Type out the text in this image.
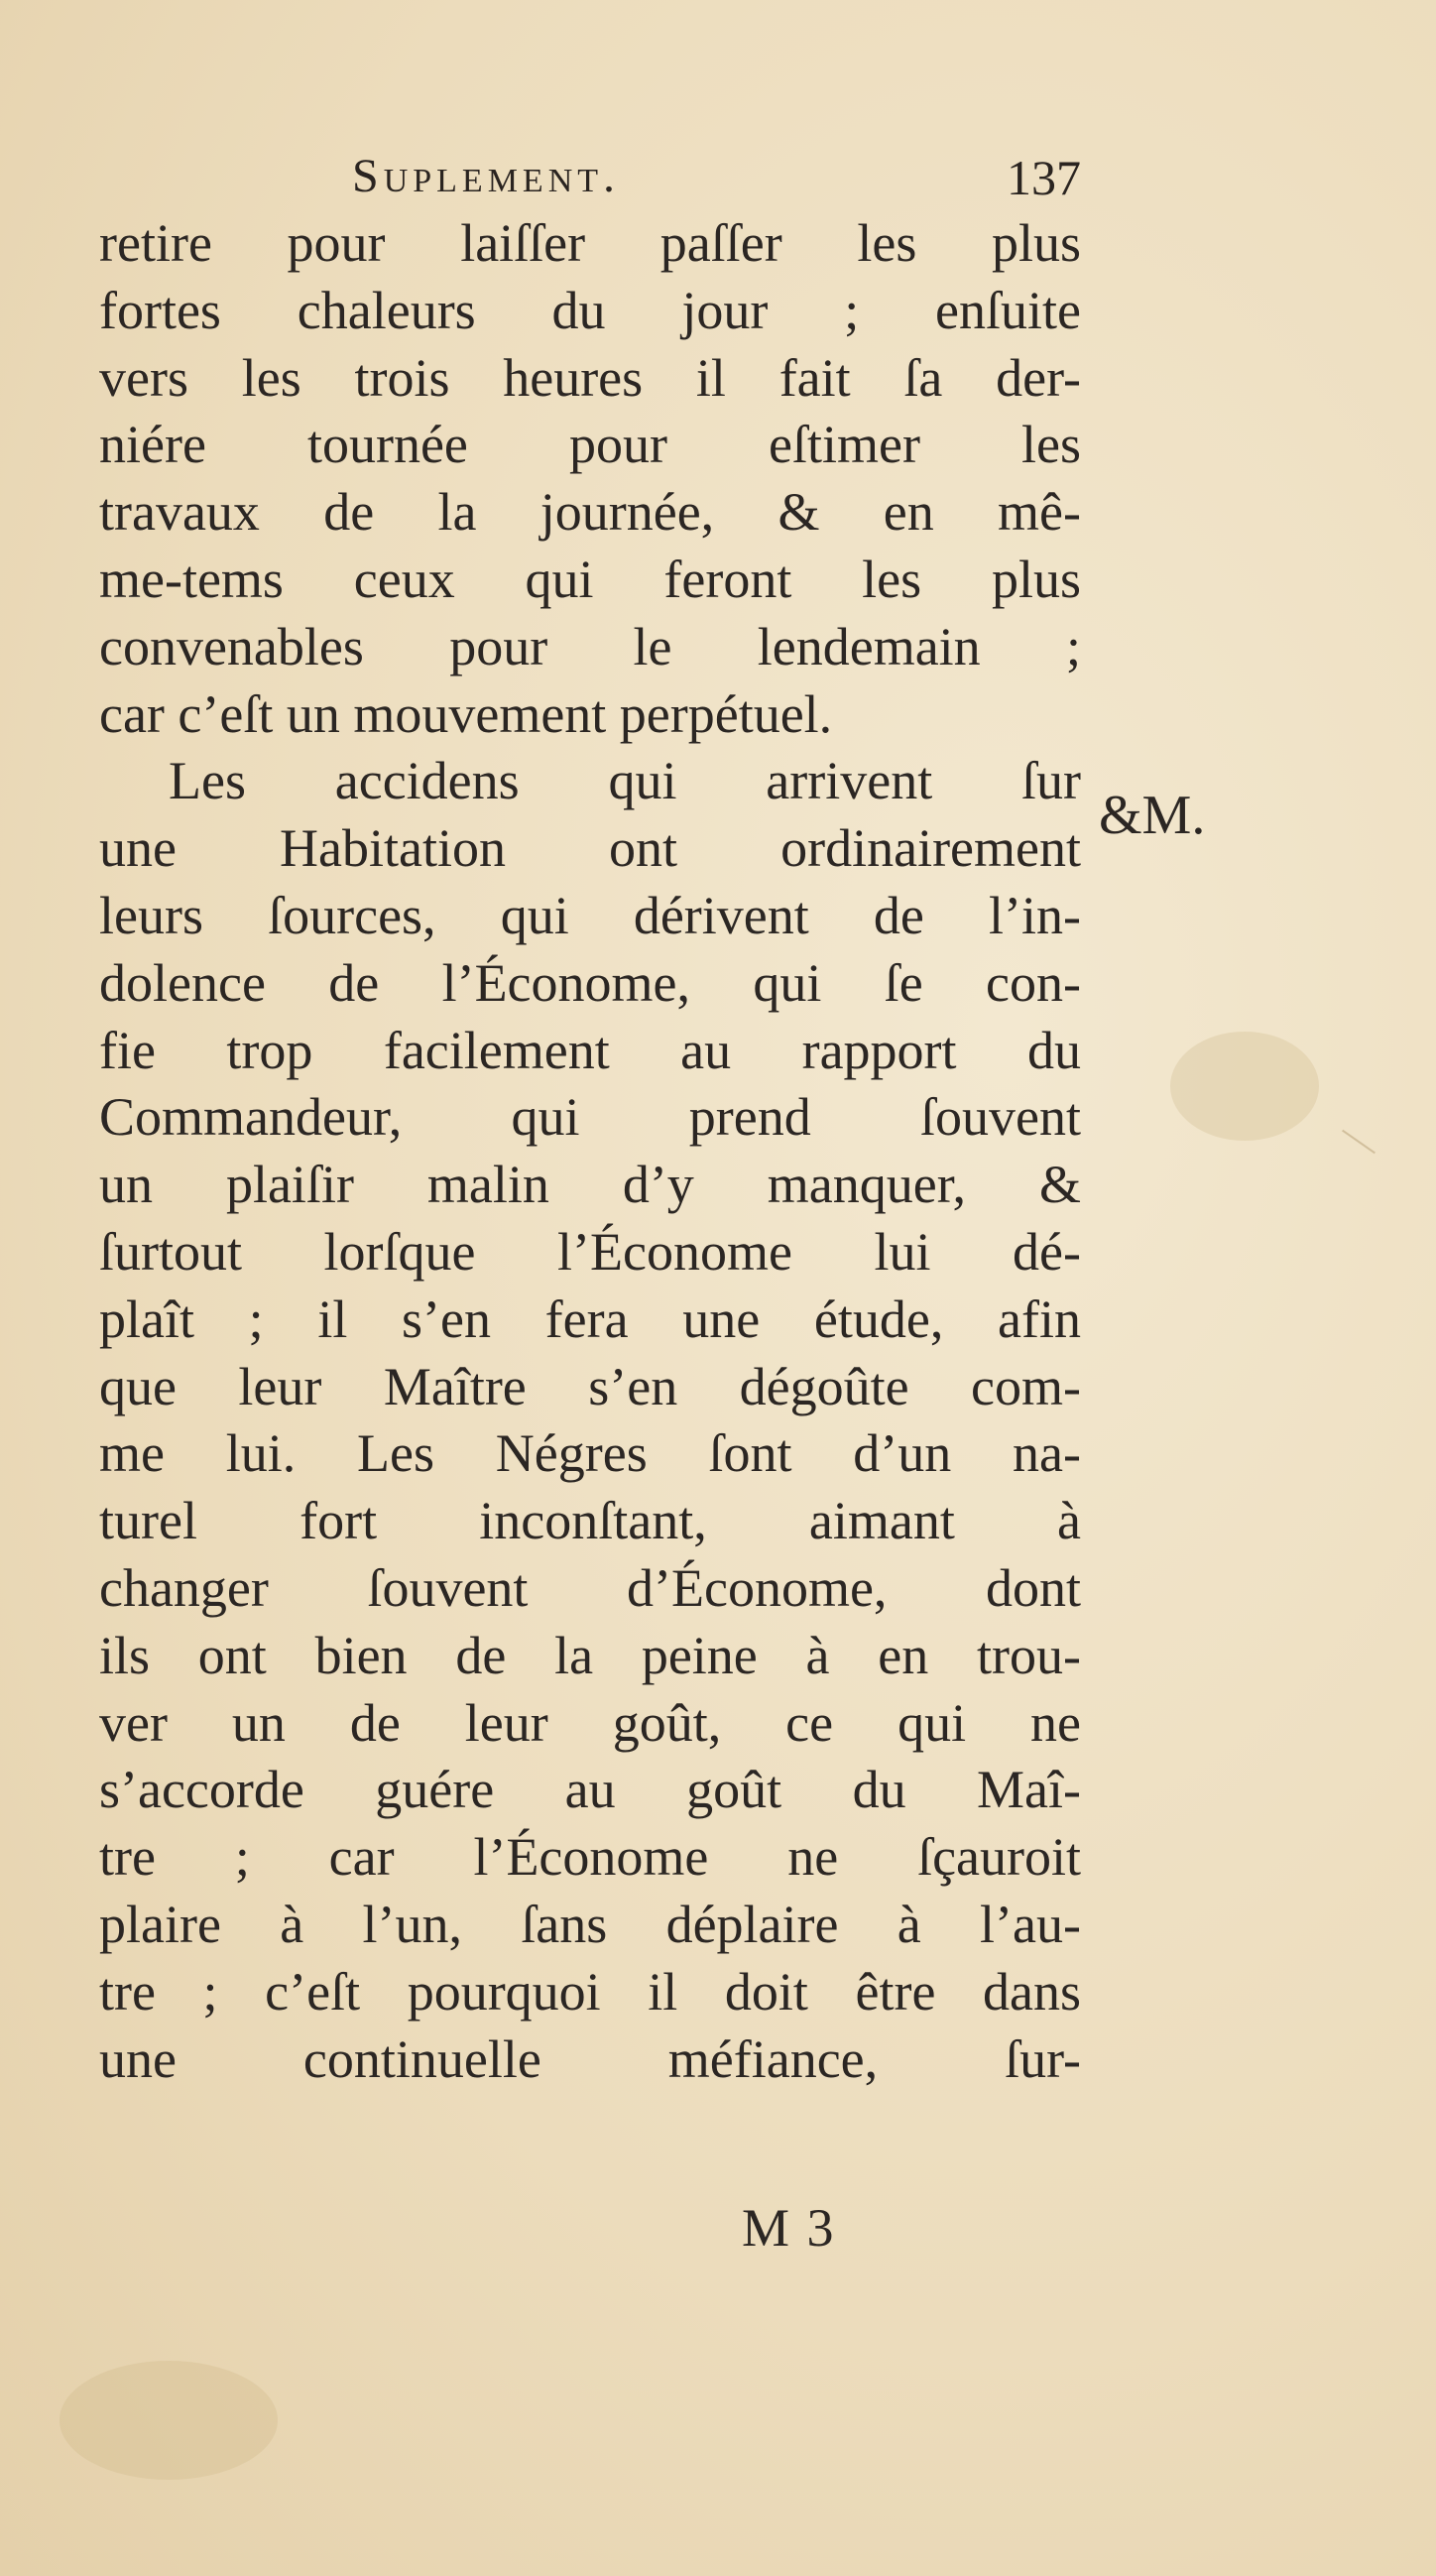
Suplement.	137
retire pour laiſſer paſſer les plus
fortes chaleurs du jour ; enſuite
vers les trois heures il fait ſa der-
niére tournée pour eſtimer les
travaux de la journée, & en mê-
me-tems ceux qui feront les plus
convenables pour le lendemain ;
car c’eſt un mouvement perpétuel.
Les accidens qui arrivent ſur
une Habitation ont ordinairement
leurs ſources, qui dérivent de l’in-
dolence de l’Économe, qui ſe con-
fie trop facilement au rapport du
Commandeur, qui prend ſouvent
un plaiſir malin d’y manquer, &
ſurtout lorſque l’Économe lui dé-
plaît ; il s’en fera une étude, afin
que leur Maître s’en dégoûte com-
me lui. Les Négres ſont d’un na-
turel fort inconſtant, aimant à
changer ſouvent d’Économe, dont
ils ont bien de la peine à en trou-
ver un de leur goût, ce qui ne
s’accorde guére au goût du Maî-
tre ; car l’Économe ne ſçauroit
plaire à l’un, ſans déplaire à l’au-
tre ; c’eſt pourquoi il doit être dans
une continuelle méfiance, ſur-
&M.
M 3
